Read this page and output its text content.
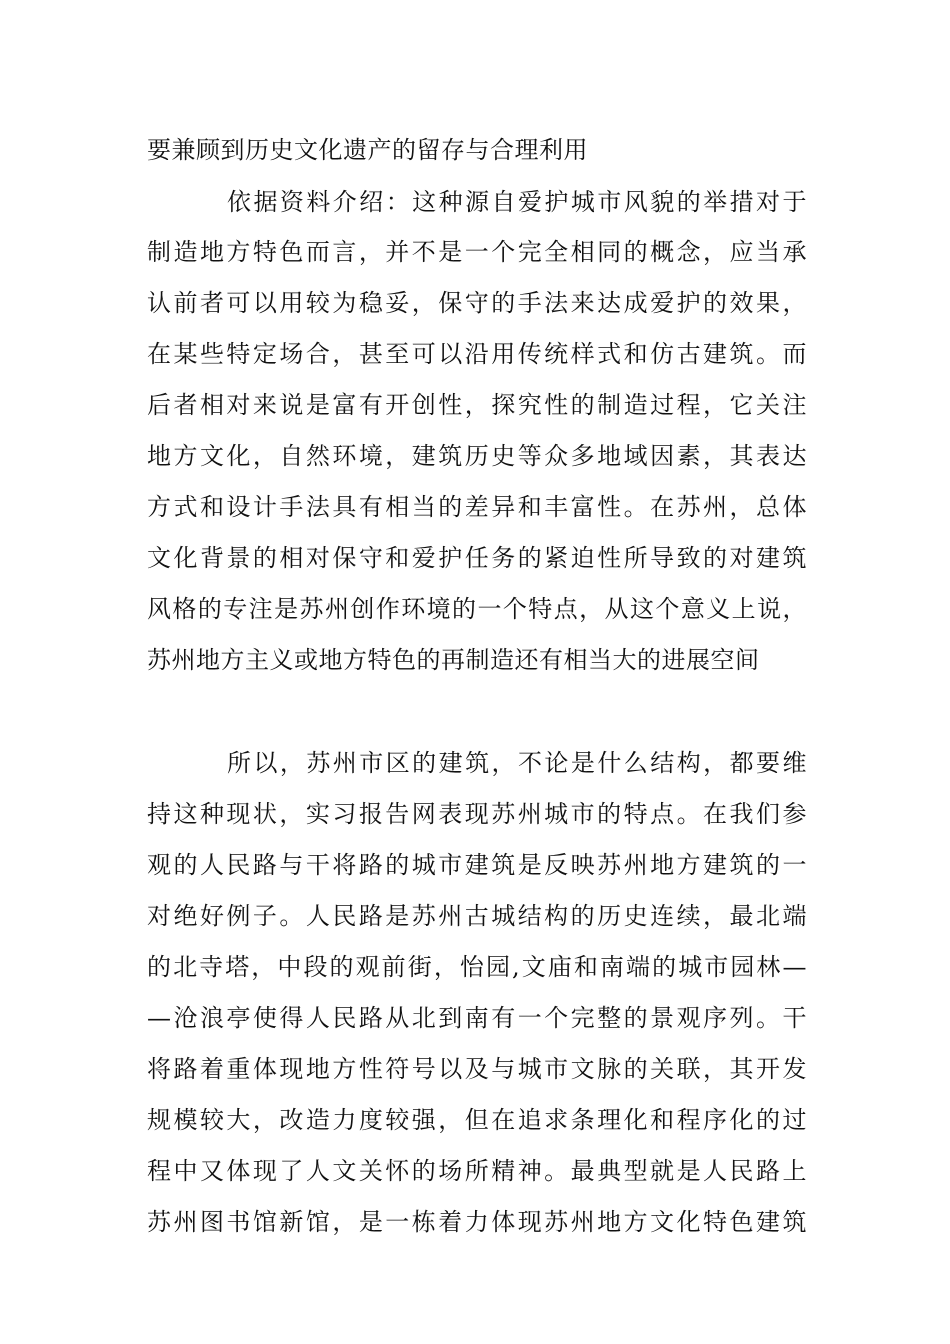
要兼顾到历史文化遗产的留存与合理利用
依据资料介绍：这种源自爱护城市风貌的举措对于
制造地方特色而言，并不是一个完全相同的概念，应当承
认前者可以用较为稳妥，保守的手法来达成爱护的效果，
在某些特定场合，甚至可以沿用传统样式和仿古建筑。而
后者相对来说是富有开创性，探究性的制造过程，它关注
地方文化，自然环境，建筑历史等众多地域因素，其表达
方式和设计手法具有相当的差异和丰富性。在苏州，总体
文化背景的相对保守和爱护任务的紧迫性所导致的对建筑
风格的专注是苏州创作环境的一个特点，从这个意义上说，
苏州地方主义或地方特色的再制造还有相当大的进展空间
所以，苏州市区的建筑，不论是什么结构，都要维
持这种现状，实习报告网表现苏州城市的特点。在我们参
观的人民路与干将路的城市建筑是反映苏州地方建筑的一
对绝好例子。人民路是苏州古城结构的历史连续，最北端
的北寺塔，中段的观前街，怡园,文庙和南端的城市园林—
—沧浪亭使得人民路从北到南有一个完整的景观序列。干
将路着重体现地方性符号以及与城市文脉的关联，其开发
规模较大，改造力度较强，但在追求条理化和程序化的过
程中又体现了人文关怀的场所精神。最典型就是人民路上
苏州图书馆新馆，是一栋着力体现苏州地方文化特色建筑
